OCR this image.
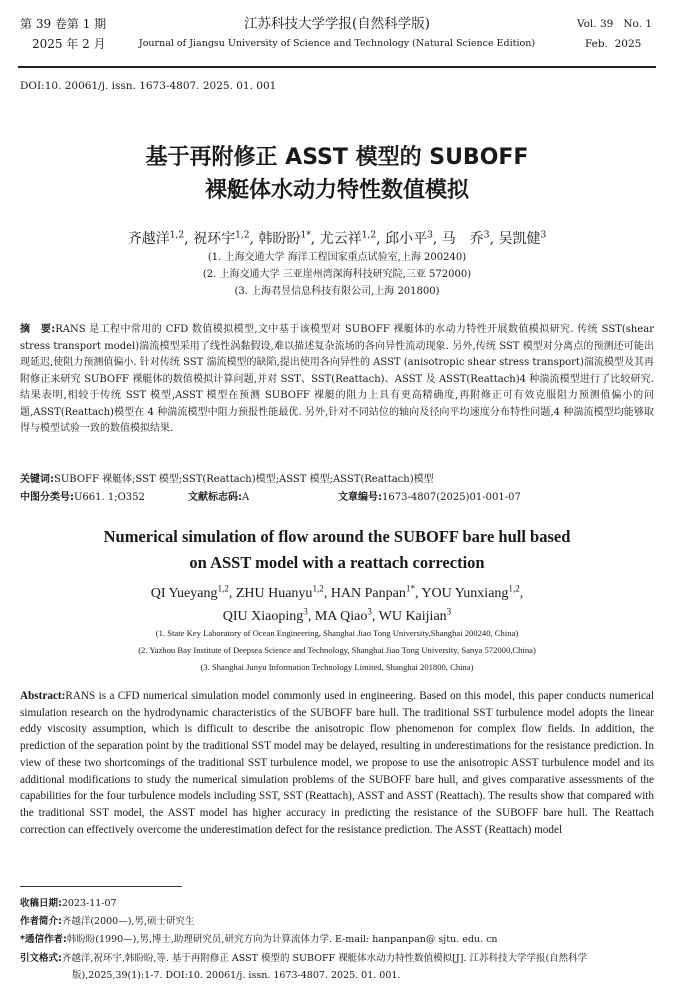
第 39 卷第 1 期
2025 年 2 月
江苏科技大学学报(自然科学版)
Journal of Jiangsu University of Science and Technology (Natural Science Edition)
Vol. 39   No. 1
Feb.  2025
DOI:10. 20061/j. issn. 1673-4807. 2025. 01. 001
基于再附修正 ASST 模型的 SUBOFF
裸艇体水动力特性数值模拟
齐越洋$^{1,2}$, 祝环宇$^{1,2}$, 韩盼盼$^{1*}$, 尤云祥$^{1,2}$, 邱小平$^3$, 马　乔$^3$, 吴凯健$^3$
(1. 上海交通大学 海洋工程国家重点试验室,上海 200240)
(2. 上海交通大学 三亚崖州湾深海科技研究院,三亚 572000)
(3. 上海君昱信息科技有限公司,上海 201800)
摘　要:RANS 是工程中常用的 CFD 数值模拟模型,文中基于该模型对 SUBOFF 裸艇体的水动力特性开展数值模拟研究. 传统 SST(shear stress transport model)湍流模型采用了线性涡黏假设,难以描述复杂流场的各向异性流动现象. 另外,传统 SST 模型对分离点的预测还可能出现延迟,使阻力预测值偏小. 针对传统 SST 湍流模型的缺陷,提出使用各向异性的 ASST (anisotropic shear stress transport)湍流模型及其再附修正来研究 SUBOFF 裸艇体的数值模拟计算问题,并对 SST、SST(Reattach)、ASST 及 ASST(Reattach)4 种湍流模型进行了比较研究. 结果表明,相较于传统 SST 模型,ASST 模型在预测 SUBOFF 裸艇的阻力上具有更高精确度,再附修正可有效克服阻力预测值偏小的问题,ASST(Reattach)模型在 4 种湍流模型中阻力预报性能最优. 另外,针对不同站位的轴向及径向平均速度分布特性问题,4 种湍流模型均能够取得与模型试验一致的数值模拟结果.
关键词:SUBOFF 裸艇体;SST 模型;SST(Reattach)模型;ASST 模型;ASST(Reattach)模型
中图分类号:U661. 1;O352	文献标志码:A	文章编号:1673-4807(2025)01-001-07
Numerical simulation of flow around the SUBOFF bare hull based
on ASST model with a reattach correction
QI Yueyang$^{1,2}$, ZHU Huanyu$^{1,2}$, HAN Panpan$^{1*}$, YOU Yunxiang$^{1,2}$,
QIU Xiaoping$^3$, MA Qiao$^3$, WU Kaijian$^3$
(1. State Key Laboratory of Ocean Engineering, Shanghai Jiao Tong University,Shanghai 200240, China)
(2. Yazhou Bay Institute of Deepsea Science and Technology, Shanghai Jiao Tong University, Sanya 572000,China)
(3. Shanghai Junyu Information Technology Limited, Shanghai 201800, China)
Abstract:RANS is a CFD numerical simulation model commonly used in engineering. Based on this model, this paper conducts numerical simulation research on the hydrodynamic characteristics of the SUBOFF bare hull. The traditional SST turbulence model adopts the linear eddy viscosity assumption, which is difficult to describe the anisotropic flow phenomenon for complex flow fields. In addition, the prediction of the separation point by the traditional SST model may be delayed, resulting in underestimations for the resistance prediction. In view of these two shortcomings of the traditional SST turbulence model, we propose to use the anisotropic ASST turbulence model and its additional modifications to study the numerical simulation problems of the SUBOFF bare hull, and gives comparative assessments of the capabilities for the four turbulence models including SST, SST (Reattach), ASST and ASST (Reattach). The results show that compared with the traditional SST model, the ASST model has higher accuracy in predicting the resistance of the SUBOFF bare hull. The Reattach correction can effectively overcome the underestimation defect for the resistance prediction. The ASST (Reattach) model
收稿日期:2023-11-07
作者简介:齐越洋(2000—),男,硕士研究生
*通信作者:韩盼盼(1990—),男,博士,助理研究员,研究方向为计算流体力学. E-mail: hanpanpan@ sjtu. edu. cn
引文格式:齐越洋,祝环宇,韩盼盼,等. 基于再附修正 ASST 模型的 SUBOFF 裸艇体水动力特性数值模拟[J]. 江苏科技大学学报(自然科学
版),2025,39(1):1-7. DOI:10. 20061/j. issn. 1673-4807. 2025. 01. 001.
